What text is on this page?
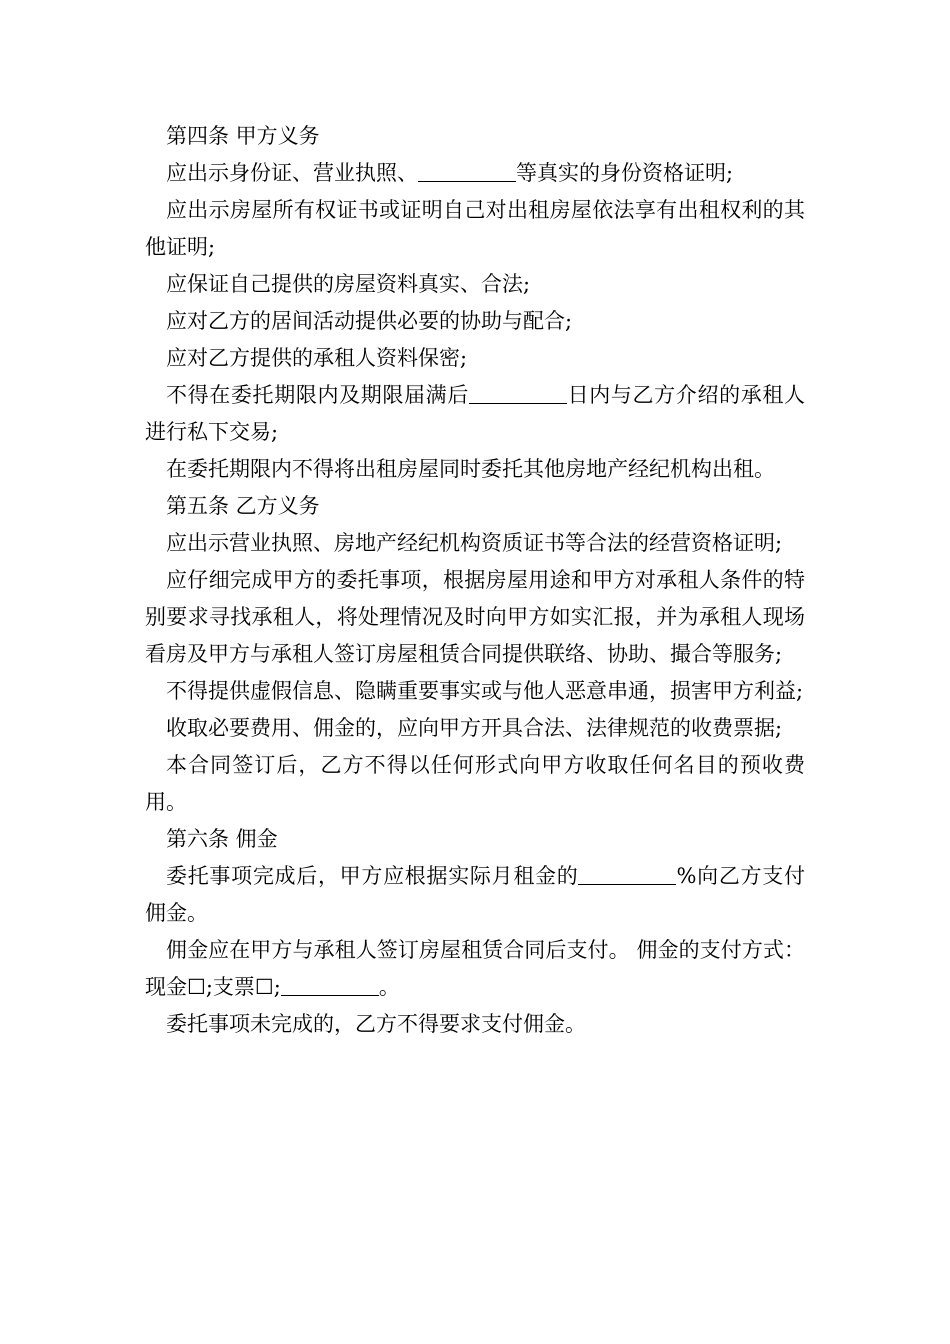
第四条 甲方义务

应出示身份证、营业执照、	等真实的身份资格证明;

应出示房屋所有权证书或证明自己对出租房屋依法享有出租权利的其他证明;

应保证自己提供的房屋资料真实、合法;

应对乙方的居间活动提供必要的协助与配合;

应对乙方提供的承租人资料保密;

不得在委托期限内及期限届满后	日内与乙方介绍的承租人进行私下交易;

在委托期限内不得将出租房屋同时委托其他房地产经纪机构出租。

第五条 乙方义务

应出示营业执照、房地产经纪机构资质证书等合法的经营资格证明;

应仔细完成甲方的委托事项，根据房屋用途和甲方对承租人条件的特别要求寻找承租人，将处理情况及时向甲方如实汇报，并为承租人现场看房及甲方与承租人签订房屋租赁合同提供联络、协助、撮合等服务;

不得提供虚假信息、隐瞒重要事实或与他人恶意串通，损害甲方利益;

收取必要费用、佣金的，应向甲方开具合法、法律规范的收费票据;

本合同签订后，乙方不得以任何形式向甲方收取任何名目的预收费用。

第六条 佣金

委托事项完成后，甲方应根据实际月租金的	%向乙方支付佣金。

佣金应在甲方与承租人签订房屋租赁合同后支付。 佣金的支付方式：现金☐;支票☐;	。

委托事项未完成的，乙方不得要求支付佣金。
